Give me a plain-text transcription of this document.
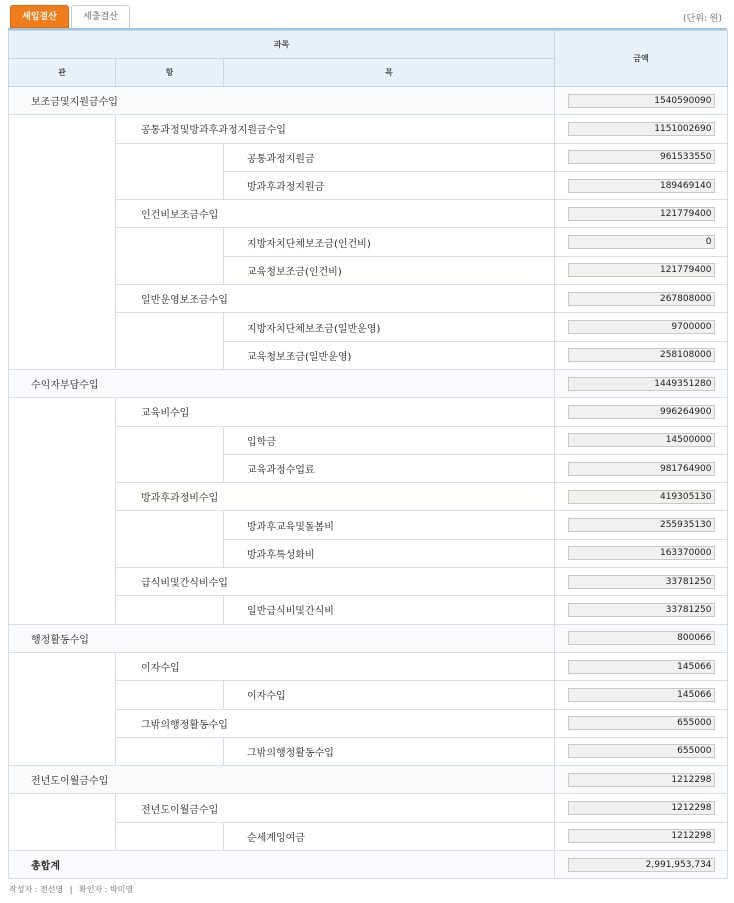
세입결산	세출결산	(단위: 원)
과목			금액
관	항	목	
보조금및지원금수입			1540590090
	공통과정및방과후과정지원금수입		1151002690
		공통과정지원금	961533550
		방과후과정지원금	189469140
	인건비보조금수입		121779400
		지방자치단체보조금(인건비)	0
		교육청보조금(인건비)	121779400
	일반운영보조금수입		267808000
		지방자치단체보조금(일반운영)	9700000
		교육청보조금(일반운영)	258108000
수익자부담수입			1449351280
	교육비수입		996264900
		입학금	14500000
		교육과정수업료	981764900
	방과후과정비수입		419305130
		방과후교육및돌봄비	255935130
		방과후특성화비	163370000
	급식비및간식비수입		33781250
		일반급식비및간식비	33781250
행정활동수입			800066
	이자수입		145066
		이자수입	145066
	그밖의행정활동수입		655000
		그밖의행정활동수입	655000
전년도이월금수입			1212298
	전년도이월금수입		1212298
		순세계잉여금	1212298
총합계			2,991,953,734
작성자 : 전선영 | 확인자 : 박미영
